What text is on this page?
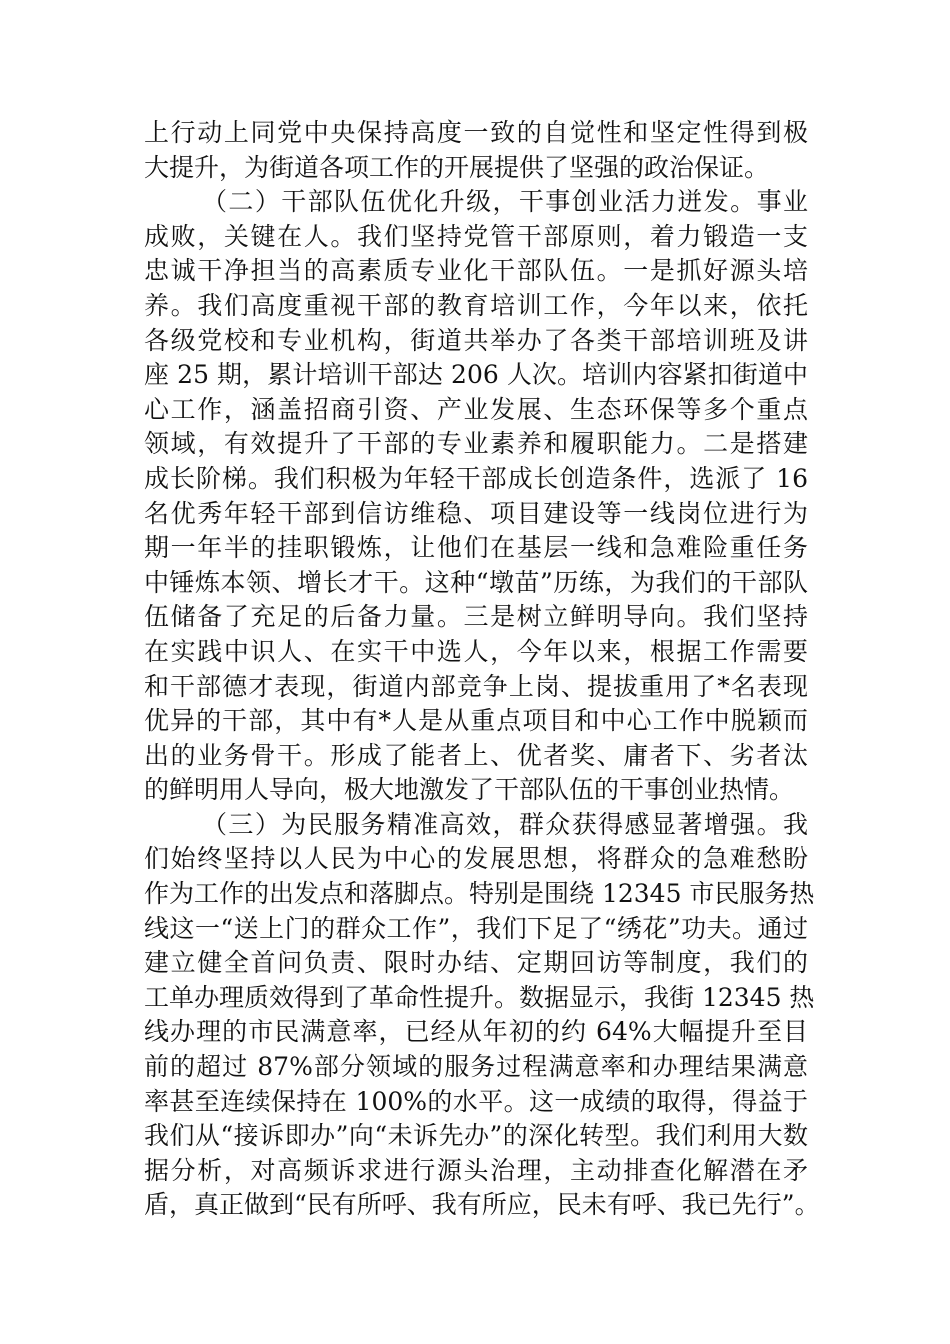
上行动上同党中央保持高度一致的自觉性和坚定性得到极
大提升，为街道各项工作的开展提供了坚强的政治保证。
（二）干部队伍优化升级，干事创业活力迸发。事业
成败，关键在人。我们坚持党管干部原则，着力锻造一支
忠诚干净担当的高素质专业化干部队伍。一是抓好源头培
养。我们高度重视干部的教育培训工作，今年以来，依托
各级党校和专业机构，街道共举办了各类干部培训班及讲
座 25 期，累计培训干部达 206 人次。培训内容紧扣街道中
心工作，涵盖招商引资、产业发展、生态环保等多个重点
领域，有效提升了干部的专业素养和履职能力。二是搭建
成长阶梯。我们积极为年轻干部成长创造条件，选派了 16
名优秀年轻干部到信访维稳、项目建设等一线岗位进行为
期一年半的挂职锻炼，让他们在基层一线和急难险重任务
中锤炼本领、增长才干。这种“墩苗”历练，为我们的干部队
伍储备了充足的后备力量。三是树立鲜明导向。我们坚持
在实践中识人、在实干中选人，今年以来，根据工作需要
和干部德才表现，街道内部竞争上岗、提拔重用了*名表现
优异的干部，其中有*人是从重点项目和中心工作中脱颖而
出的业务骨干。形成了能者上、优者奖、庸者下、劣者汰
的鲜明用人导向，极大地激发了干部队伍的干事创业热情。
（三）为民服务精准高效，群众获得感显著增强。我
们始终坚持以人民为中心的发展思想，将群众的急难愁盼
作为工作的出发点和落脚点。特别是围绕 12345 市民服务热
线这一“送上门的群众工作”，我们下足了“绣花”功夫。通过
建立健全首问负责、限时办结、定期回访等制度，我们的
工单办理质效得到了革命性提升。数据显示，我街 12345 热
线办理的市民满意率，已经从年初的约 64%大幅提升至目
前的超过 87%部分领域的服务过程满意率和办理结果满意
率甚至连续保持在 100%的水平。这一成绩的取得，得益于
我们从“接诉即办”向“未诉先办”的深化转型。我们利用大数
据分析，对高频诉求进行源头治理，主动排查化解潜在矛
盾，真正做到“民有所呼、我有所应，民未有呼、我已先行”。
